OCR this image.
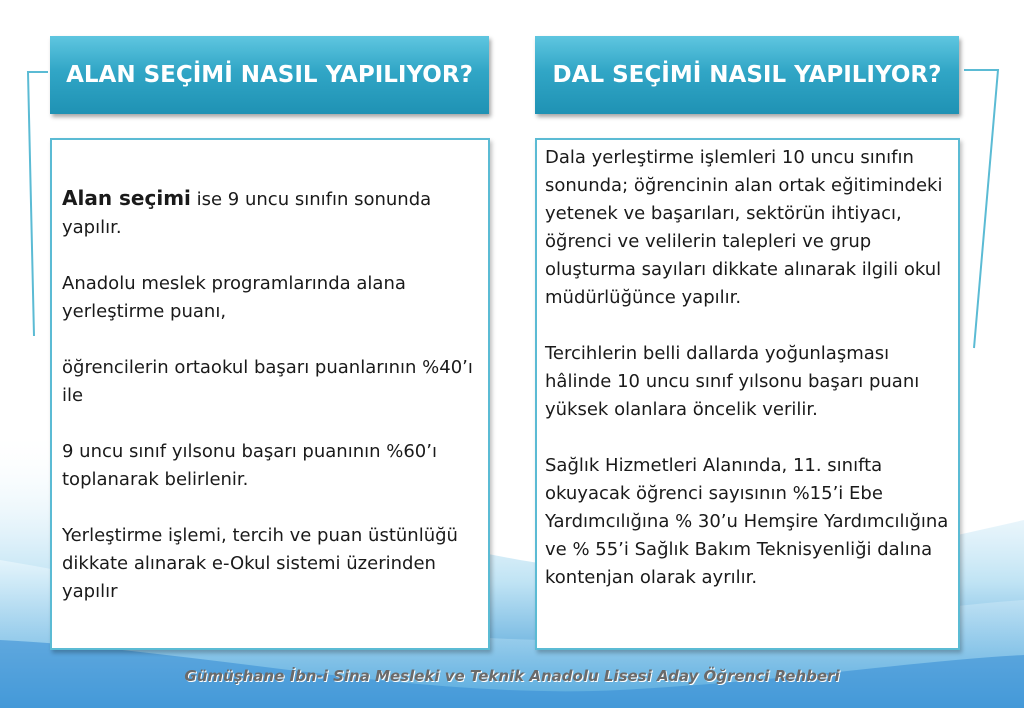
ALAN SEÇİMİ NASIL YAPILIYOR?	DAL SEÇİMİ NASIL YAPILIYOR?

Alan seçimi ise 9 uncu sınıfın sonunda yapılır.

Anadolu meslek programlarında alana yerleştirme puanı,

öğrencilerin ortaokul başarı puanlarının %40’ı ile

9 uncu sınıf yılsonu başarı puanının %60’ı toplanarak belirlenir.

Yerleştirme işlemi, tercih ve puan üstünlüğü dikkate alınarak e-Okul sistemi üzerinden yapılır

Dala yerleştirme işlemleri 10 uncu sınıfın sonunda; öğrencinin alan ortak eğitimindeki yetenek ve başarıları, sektörün ihtiyacı, öğrenci ve velilerin talepleri ve grup oluşturma sayıları dikkate alınarak ilgili okul müdürlüğünce yapılır.

Tercihlerin belli dallarda yoğunlaşması hâlinde 10 uncu sınıf yılsonu başarı puanı yüksek olanlara öncelik verilir.

Sağlık Hizmetleri Alanında, 11. sınıfta okuyacak öğrenci sayısının %15’i Ebe Yardımcılığına % 30’u Hemşire Yardımcılığına ve % 55’i Sağlık Bakım Teknisyenliği dalına kontenjan olarak ayrılır.

Gümüşhane İbn-i Sina Mesleki ve Teknik Anadolu Lisesi Aday Öğrenci Rehberi
